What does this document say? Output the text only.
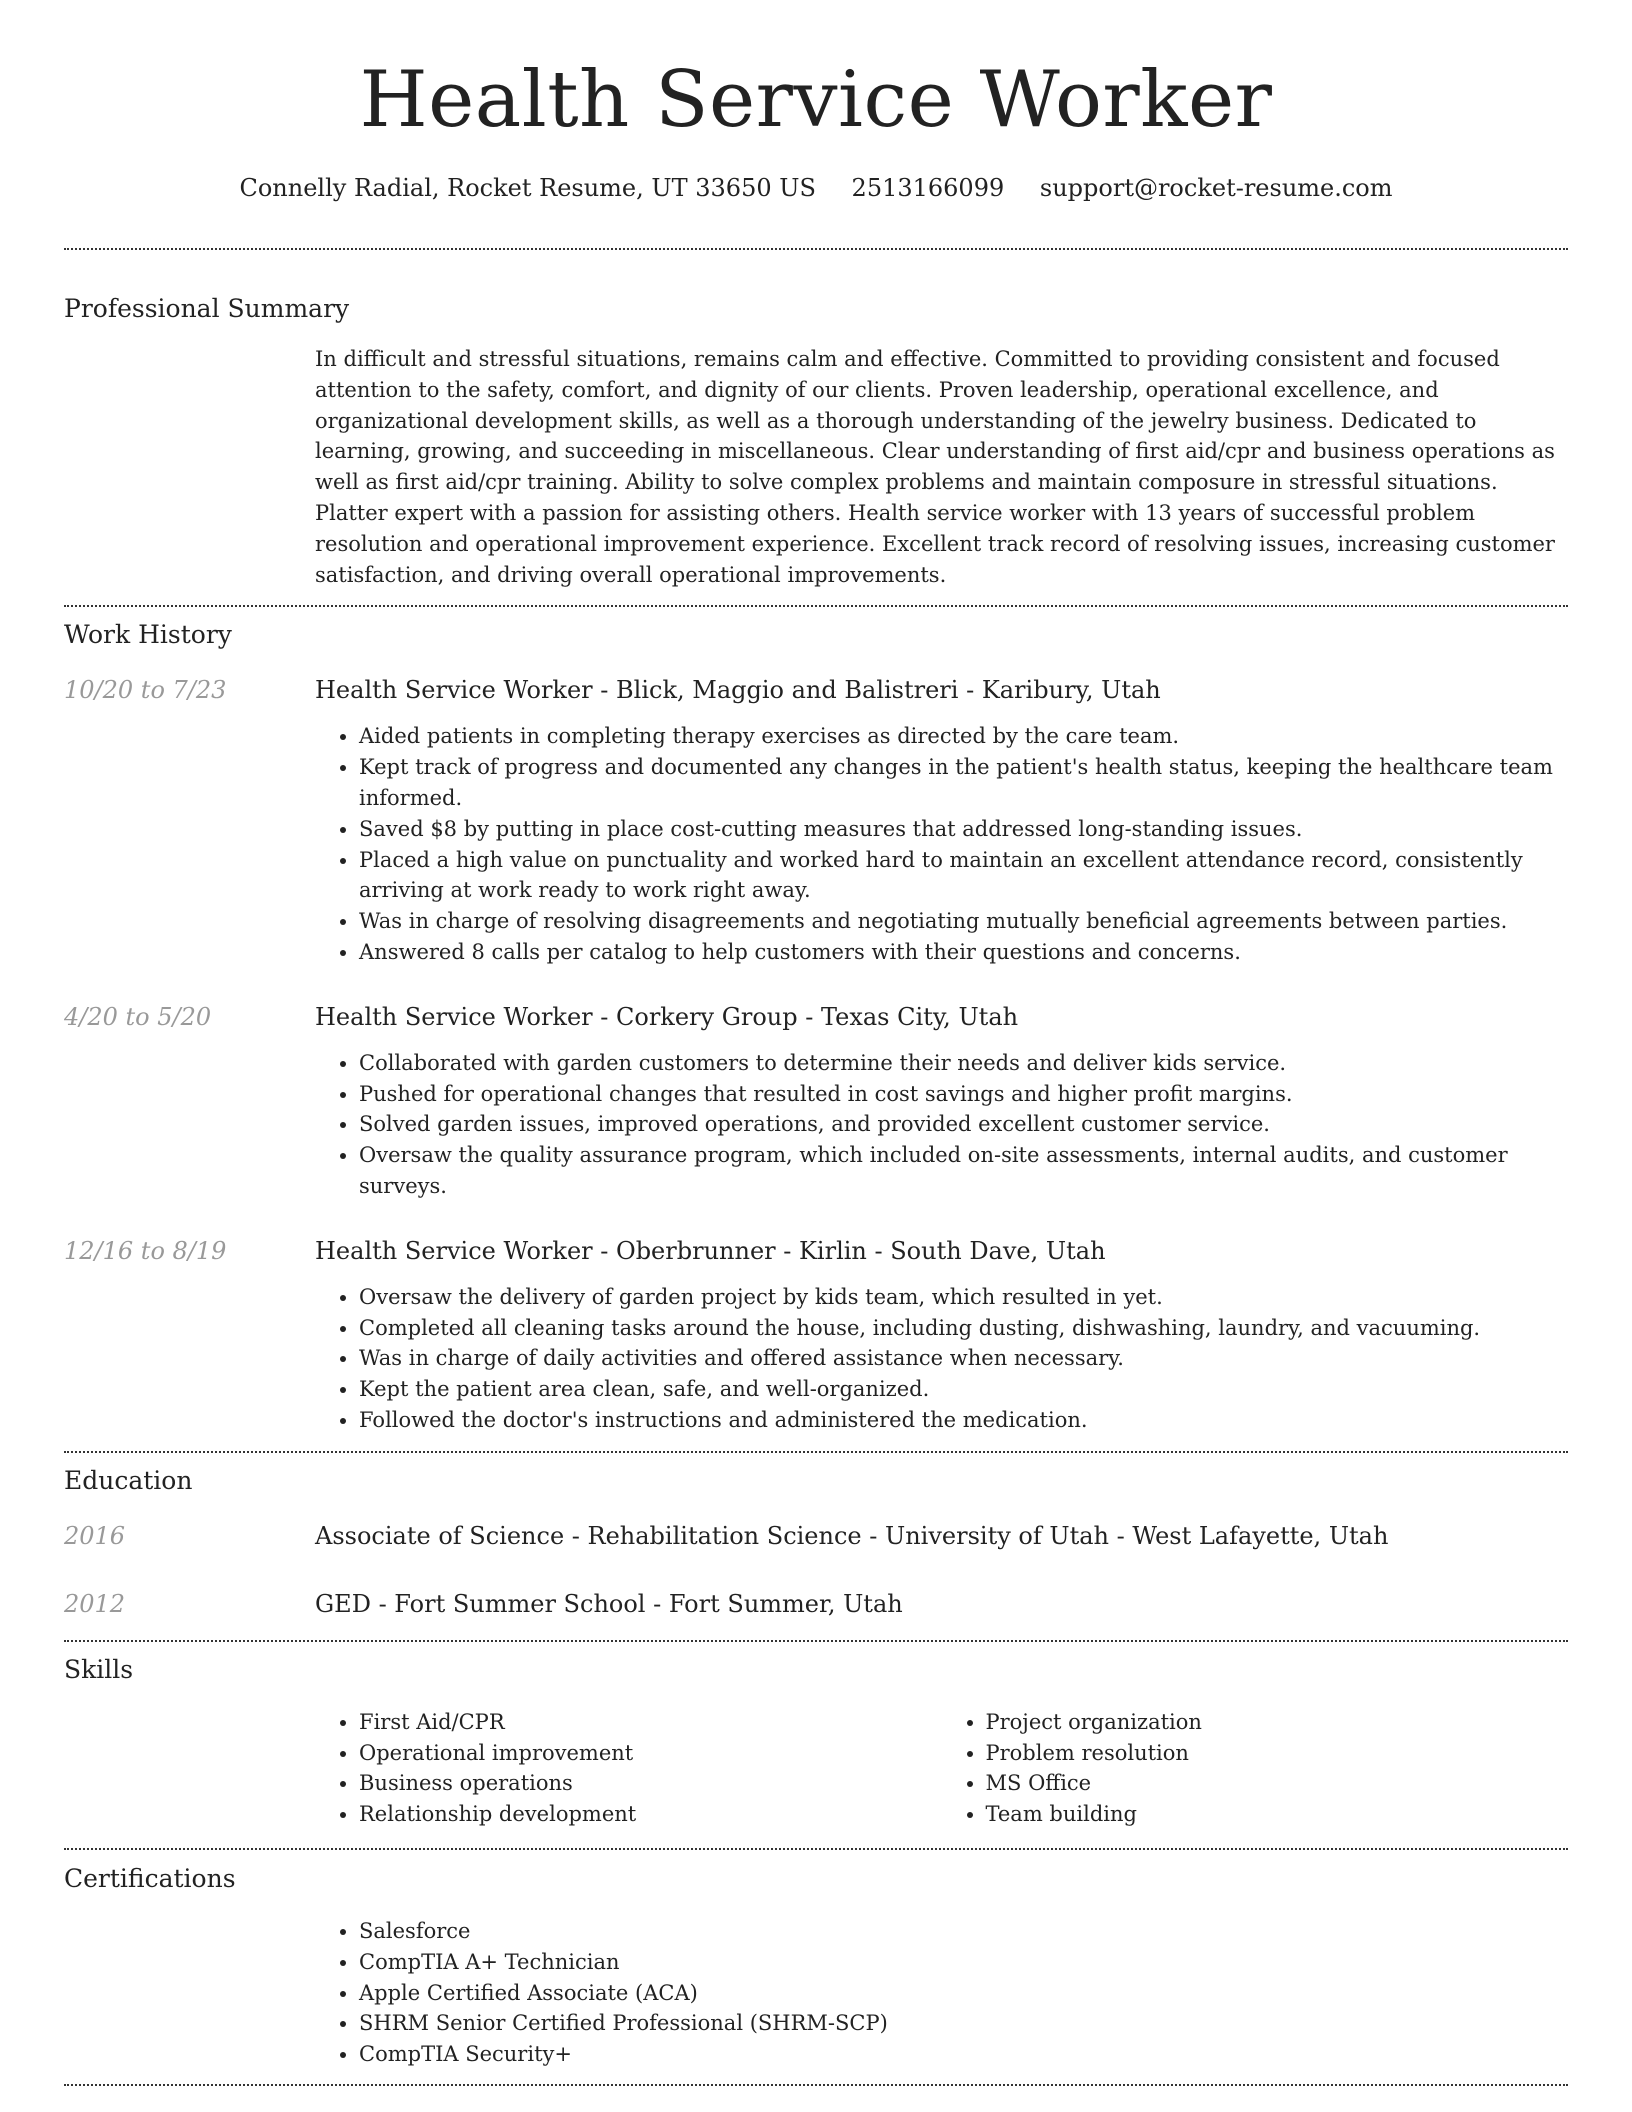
Health Service Worker
Connelly Radial, Rocket Resume, UT 33650 US 2513166099 support@rocket-resume.com
Professional Summary

In difficult and stressful situations, remains calm and effective. Committed to providing consistent and focused attention to the safety, comfort, and dignity of our clients. Proven leadership, operational excellence, and organizational development skills, as well as a thorough understanding of the jewelry business. Dedicated to learning, growing, and succeeding in miscellaneous. Clear understanding of first aid/cpr and business operations as well as first aid/cpr training. Ability to solve complex problems and maintain composure in stressful situations. Platter expert with a passion for assisting others. Health service worker with 13 years of successful problem resolution and operational improvement experience. Excellent track record of resolving issues, increasing customer satisfaction, and driving overall operational improvements.

Work History
10/20 to 7/23	Health Service Worker - Blick, Maggio and Balistreri - Karibury, Utah
• Aided patients in completing therapy exercises as directed by the care team.
• Kept track of progress and documented any changes in the patient's health status, keeping the healthcare team informed.
• Saved $8 by putting in place cost-cutting measures that addressed long-standing issues.
• Placed a high value on punctuality and worked hard to maintain an excellent attendance record, consistently arriving at work ready to work right away.
• Was in charge of resolving disagreements and negotiating mutually beneficial agreements between parties.
• Answered 8 calls per catalog to help customers with their questions and concerns.
4/20 to 5/20	Health Service Worker - Corkery Group - Texas City, Utah
• Collaborated with garden customers to determine their needs and deliver kids service.
• Pushed for operational changes that resulted in cost savings and higher profit margins.
• Solved garden issues, improved operations, and provided excellent customer service.
• Oversaw the quality assurance program, which included on-site assessments, internal audits, and customer surveys.
12/16 to 8/19	Health Service Worker - Oberbrunner - Kirlin - South Dave, Utah
• Oversaw the delivery of garden project by kids team, which resulted in yet.
• Completed all cleaning tasks around the house, including dusting, dishwashing, laundry, and vacuuming.
• Was in charge of daily activities and offered assistance when necessary.
• Kept the patient area clean, safe, and well-organized.
• Followed the doctor's instructions and administered the medication.
Education
2016	Associate of Science - Rehabilitation Science - University of Utah - West Lafayette, Utah
2012	GED - Fort Summer School - Fort Summer, Utah
Skills
• First Aid/CPR
• Operational improvement
• Business operations
• Relationship development
• Project organization
• Problem resolution
• MS Office
• Team building
Certifications
• Salesforce
• CompTIA A+ Technician
• Apple Certified Associate (ACA)
• SHRM Senior Certified Professional (SHRM-SCP)
• CompTIA Security+
